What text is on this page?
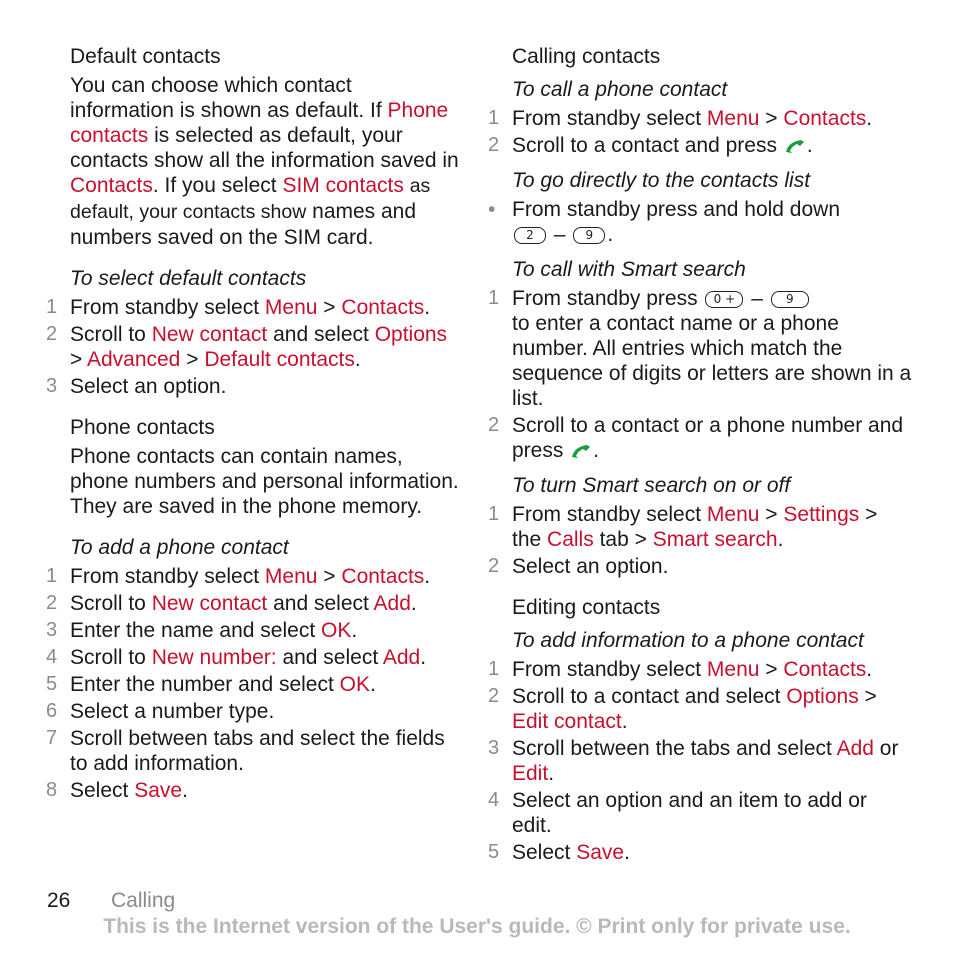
Default contacts

You can choose which contact information is shown as default. If Phone contacts is selected as default, your contacts show all the information saved in Contacts. If you select SIM contacts as default, your contacts show names and numbers saved on the SIM card.

To select default contacts
1 From standby select Menu > Contacts.
2 Scroll to New contact and select Options > Advanced > Default contacts.
3 Select an option.
Phone contacts

Phone contacts can contain names, phone numbers and personal information. They are saved in the phone memory.

To add a phone contact
1 From standby select Menu > Contacts.
2 Scroll to New contact and select Add.
3 Enter the name and select OK.
4 Scroll to New number: and select Add.
5 Enter the number and select OK.
6 Select a number type.
7 Scroll between tabs and select the fields to add information.
8 Select Save.
Calling contacts
To call a phone contact
1 From standby select Menu > Contacts.
2 Scroll to a contact and press .
To go directly to the contacts list
• From standby press and hold down
2 – 9 .
To call with Smart search
1 From standby press 0 + – 9
to enter a contact name or a phone number. All entries which match the sequence of digits or letters are shown in a list.
2 Scroll to a contact or a phone number and press .
To turn Smart search on or off
1 From standby select Menu > Settings > the Calls tab > Smart search.
2 Select an option.
Editing contacts
To add information to a phone contact
1 From standby select Menu > Contacts.
2 Scroll to a contact and select Options > Edit contact.
3 Scroll between the tabs and select Add or Edit.
4 Select an option and an item to add or edit.
5 Select Save.
26 Calling
This is the Internet version of the User's guide. © Print only for private use.
